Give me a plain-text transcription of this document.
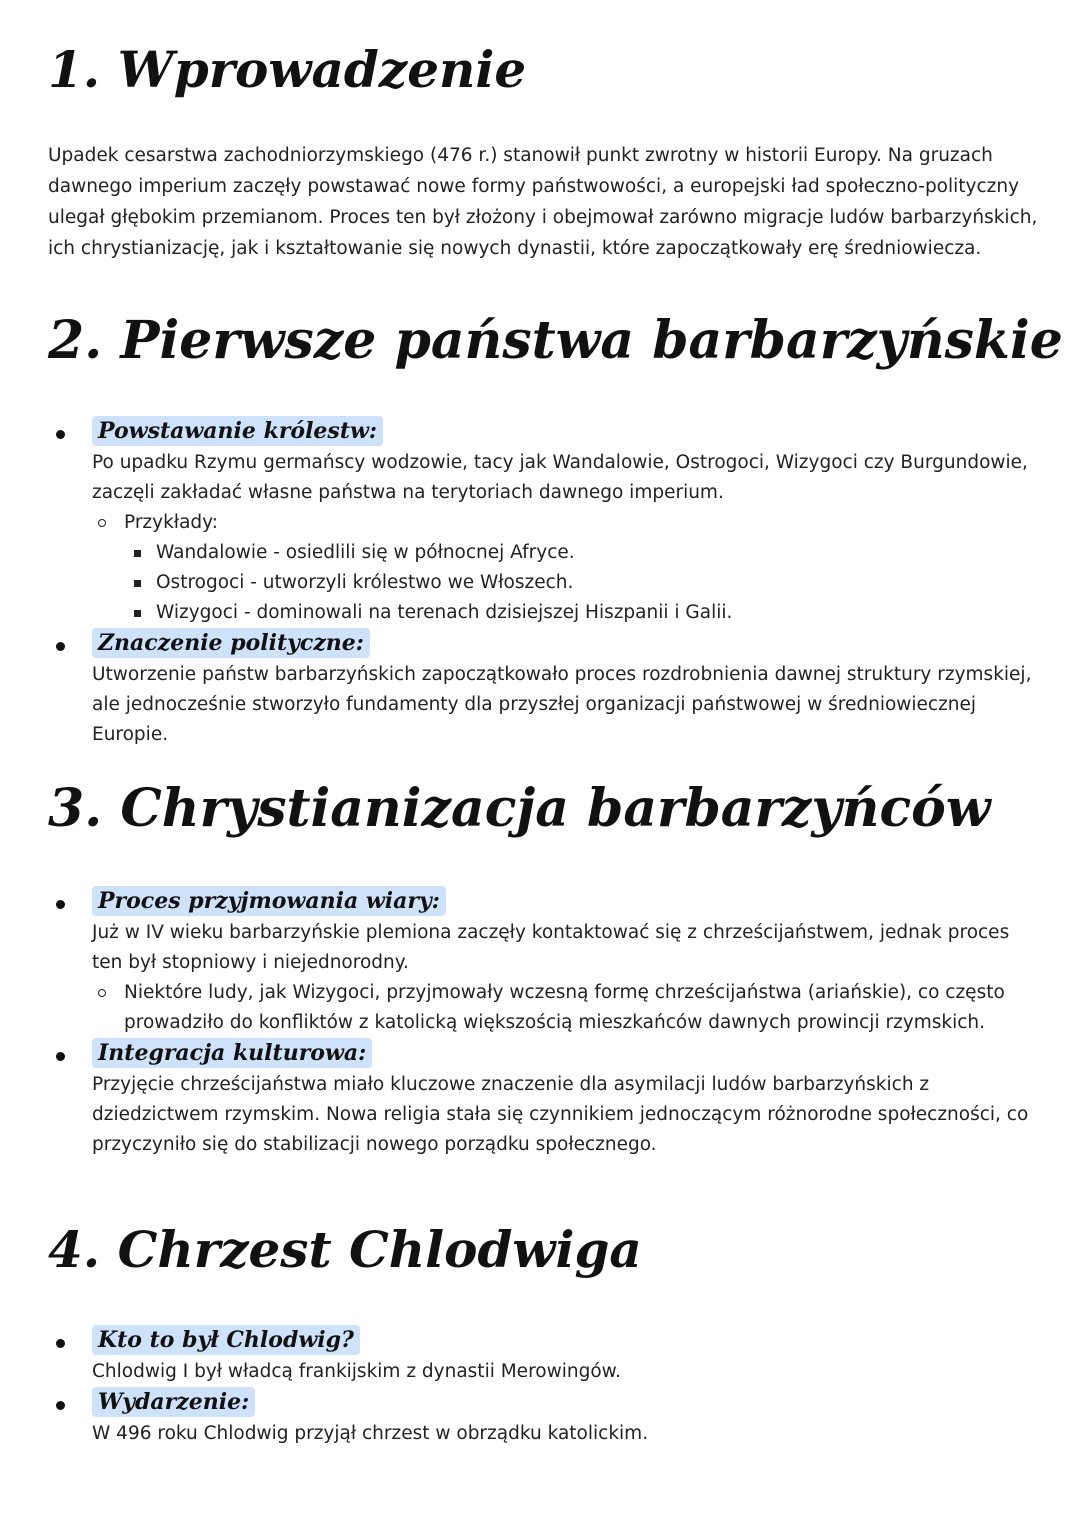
1. Wprowadzenie

Upadek cesarstwa zachodniorzymskiego (476 r.) stanowił punkt zwrotny w historii Europy. Na gruzach dawnego imperium zaczęły powstawać nowe formy państwowości, a europejski ład społeczno-polityczny ulegał głębokim przemianom. Proces ten był złożony i obejmował zarówno migracje ludów barbarzyńskich, ich chrystianizację, jak i kształtowanie się nowych dynastii, które zapoczątkowały erę średniowiecza.

2. Pierwsze państwa barbarzyńskie
Powstawanie królestw:

Po upadku Rzymu germańscy wodzowie, tacy jak Wandalowie, Ostrogoci, Wizygoci czy Burgundowie, zaczęli zakładać własne państwa na terytoriach dawnego imperium.

Przykłady:
Wandalowie - osiedlili się w północnej Afryce.
Ostrogoci - utworzyli królestwo we Włoszech.
Wizygoci - dominowali na terenach dzisiejszej Hiszpanii i Galii.
Znaczenie polityczne:

Utworzenie państw barbarzyńskich zapoczątkowało proces rozdrobnienia dawnej struktury rzymskiej, ale jednocześnie stworzyło fundamenty dla przyszłej organizacji państwowej w średniowiecznej Europie.

3. Chrystianizacja barbarzyńców
Proces przyjmowania wiary:

Już w IV wieku barbarzyńskie plemiona zaczęły kontaktować się z chrześcijaństwem, jednak proces ten był stopniowy i niejednorodny.

Niektóre ludy, jak Wizygoci, przyjmowały wczesną formę chrześcijaństwa (ariańskie), co często prowadziło do konfliktów z katolicką większością mieszkańców dawnych prowincji rzymskich.
Integracja kulturowa:

Przyjęcie chrześcijaństwa miało kluczowe znaczenie dla asymilacji ludów barbarzyńskich z dziedzictwem rzymskim. Nowa religia stała się czynnikiem jednoczącym różnorodne społeczności, co przyczyniło się do stabilizacji nowego porządku społecznego.

4. Chrzest Chlodwiga
Kto to był Chlodwig?

Chlodwig I był władcą frankijskim z dynastii Merowingów.

Wydarzenie:

W 496 roku Chlodwig przyjął chrzest w obrządku katolickim.
